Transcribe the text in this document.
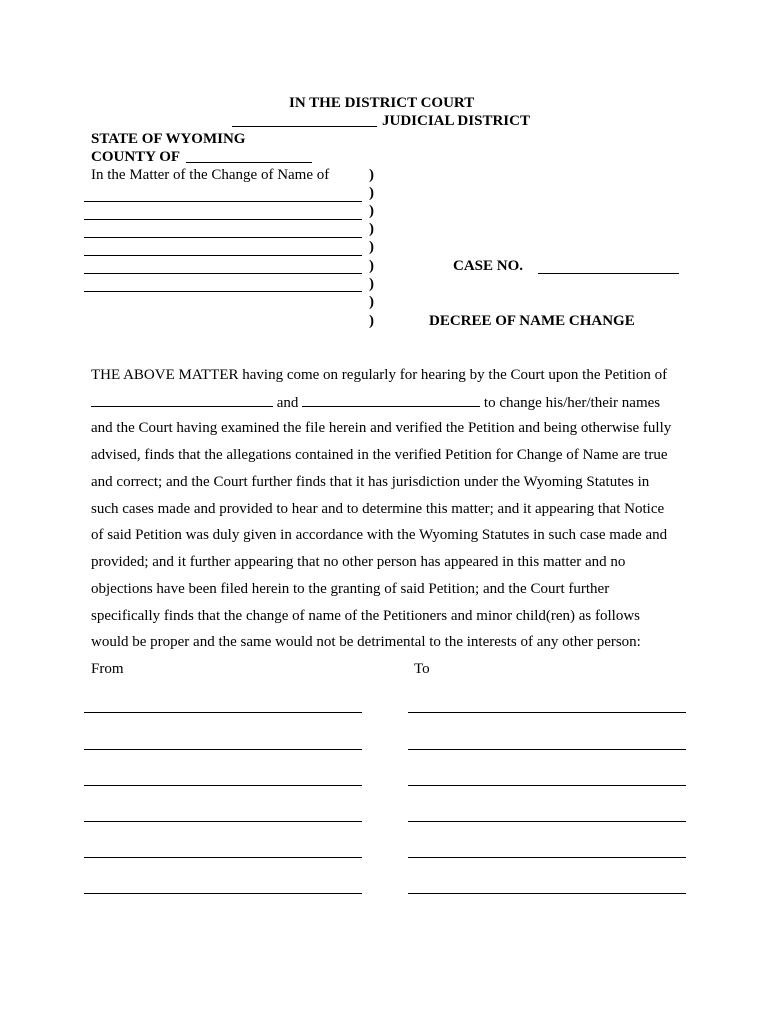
IN THE DISTRICT COURT
JUDICIAL DISTRICT
STATE OF WYOMING
COUNTY OF
In the Matter of the Change of Name of	)
)
)
)
)
)
)
)
)
CASE NO.
DECREE OF NAME CHANGE
THE ABOVE MATTER having come on regularly for hearing by the Court upon the Petition of
and	to change his/her/their names
and the Court having examined the file herein and verified the Petition and being otherwise fully
advised, finds that the allegations contained in the verified Petition for Change of Name are true
and correct; and the Court further finds that it has jurisdiction under the Wyoming Statutes in
such cases made and provided to hear and to determine this matter; and it appearing that Notice
of said Petition was duly given in accordance with the Wyoming Statutes in such case made and
provided; and it further appearing that no other person has appeared in this matter and no
objections have been filed herein to the granting of said Petition; and the Court further
specifically finds that the change of name of the Petitioners and minor child(ren) as follows
would be proper and the same would not be detrimental to the interests of any other person:
From	To
